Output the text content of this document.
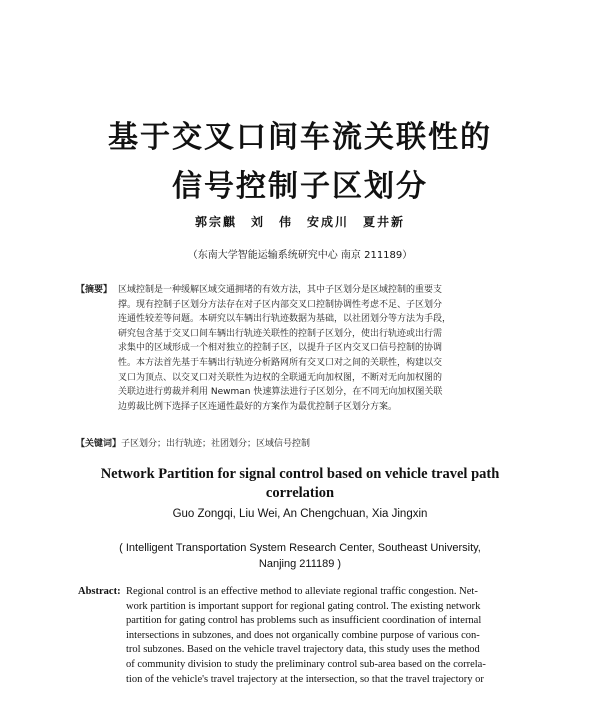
基于交叉口间车流关联性的
信号控制子区划分
郭宗麒　刘　伟　安成川　夏井新
（东南大学智能运输系统研究中心 南京 211189）
【摘要】 区域控制是一种缓解区域交通拥堵的有效方法，其中子区划分是区域控制的重要支
撑。现有控制子区划分方法存在对子区内部交叉口控制协调性考虑不足、子区划分
连通性较差等问题。本研究以车辆出行轨迹数据为基础，以社团划分等方法为手段，
研究包含基于交叉口间车辆出行轨迹关联性的控制子区划分，使出行轨迹或出行需
求集中的区域形成一个相对独立的控制子区，以提升子区内交叉口信号控制的协调
性。本方法首先基于车辆出行轨迹分析路网所有交叉口对之间的关联性，构建以交
叉口为顶点、以交叉口对关联性为边权的全联通无向加权图，不断对无向加权图的
关联边进行剪裁并利用 Newman 快速算法进行子区划分，在不同无向加权图关联
边剪裁比例下选择子区连通性最好的方案作为最优控制子区划分方案。
【关键词】子区划分；出行轨迹；社团划分；区域信号控制
Network Partition for signal control based on vehicle travel path
correlation
Guo Zongqi, Liu Wei, An Chengchuan, Xia Jingxin
( Intelligent Transportation System Research Center, Southeast University,
Nanjing 211189 )
Abstract: Regional control is an effective method to alleviate regional traffic congestion. Net-
work partition is important support for regional gating control. The existing network
partition for gating control has problems such as insufficient coordination of internal
intersections in subzones, and does not organically combine purpose of various con-
trol subzones. Based on the vehicle travel trajectory data, this study uses the method
of community division to study the preliminary control sub-area based on the correla-
tion of the vehicle's travel trajectory at the intersection, so that the travel trajectory or
